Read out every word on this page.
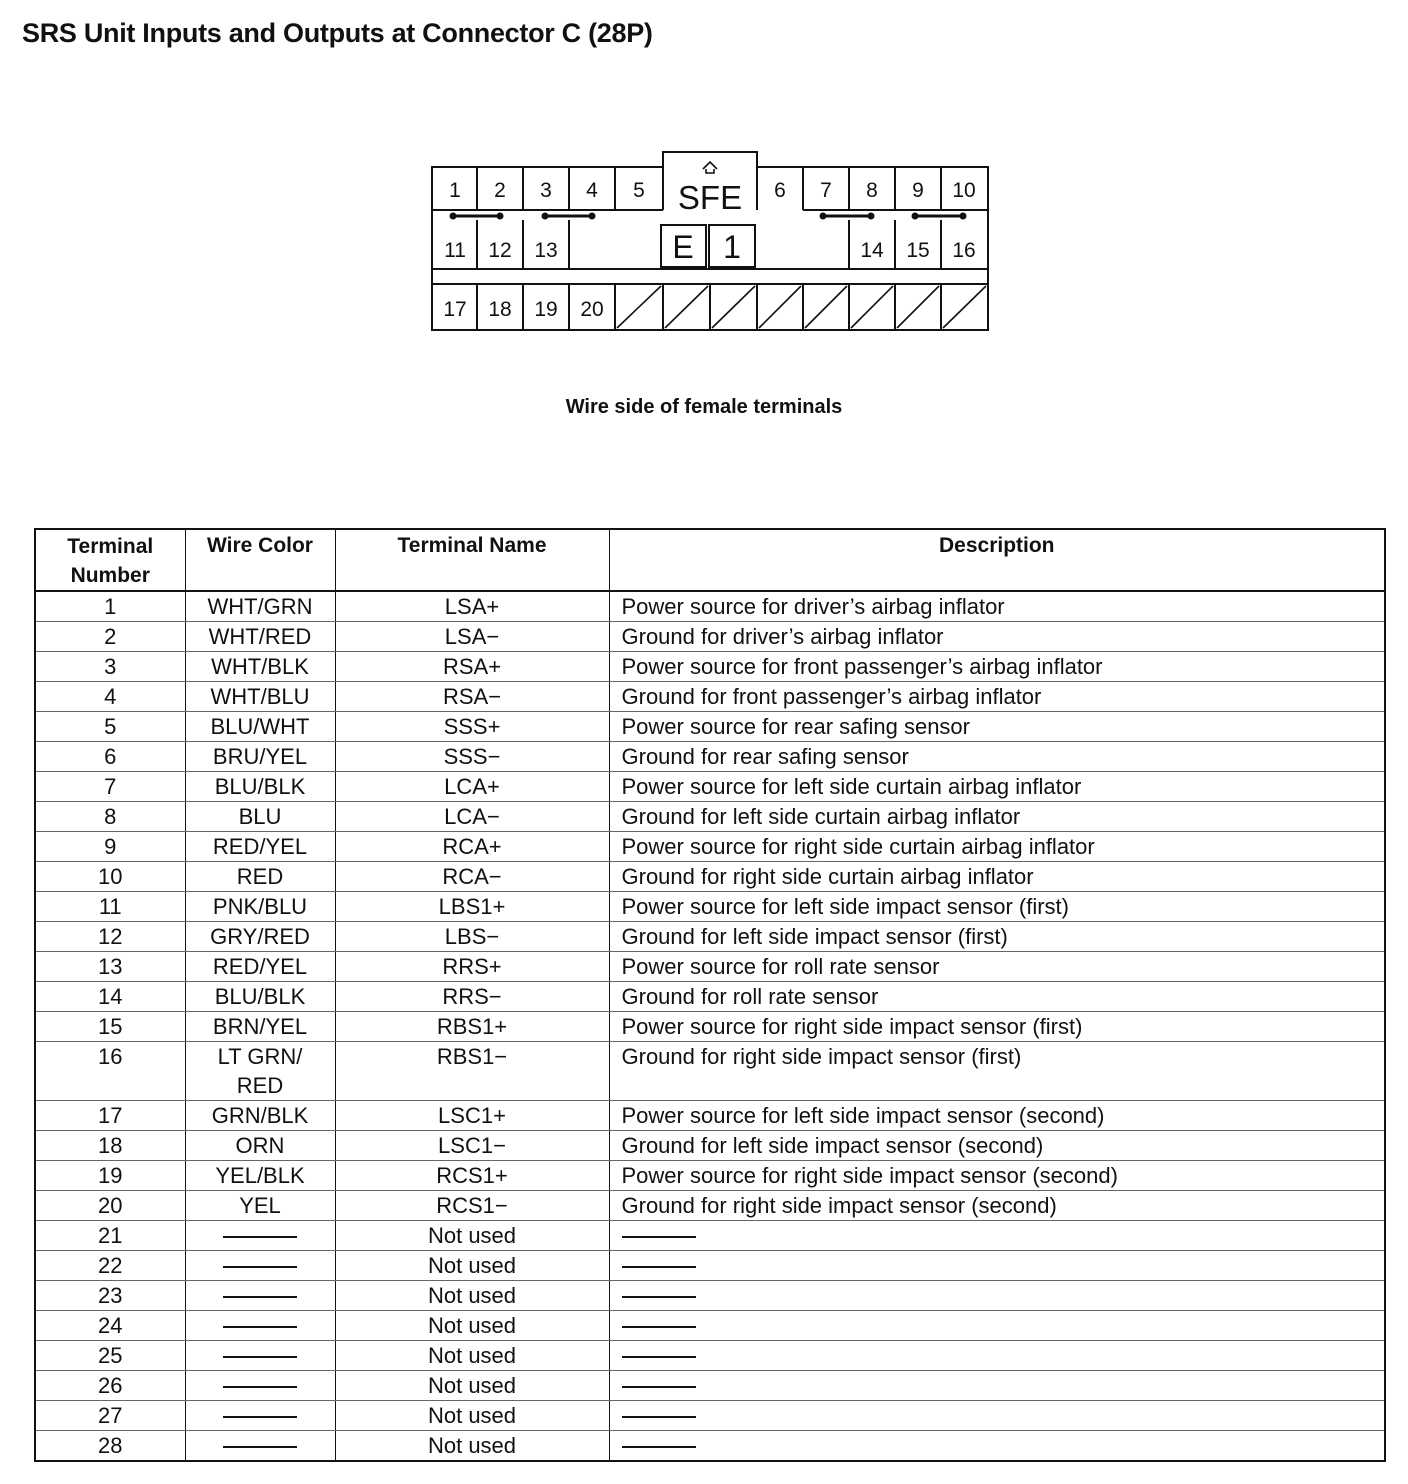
SRS Unit Inputs and Outputs at Connector C (28P)
1 2 3 4 5	6 7 8 9 10
SFE
11 12 13	14 15 16
E 1
17 18 19 20
Wire side of female terminals
Terminal
Number	Wire Color	Terminal Name	Description

1	WHT/GRN	LSA+	Power source for driver’s airbag inflator

2	WHT/RED	LSA−	Ground for driver’s airbag inflator

3	WHT/BLK	RSA+	Power source for front passenger’s airbag inflator

4	WHT/BLU	RSA−	Ground for front passenger’s airbag inflator

5	BLU/WHT	SSS+	Power source for rear safing sensor

6	BRU/YEL	SSS−	Ground for rear safing sensor

7	BLU/BLK	LCA+	Power source for left side curtain airbag inflator

8	BLU	LCA−	Ground for left side curtain airbag inflator

9	RED/YEL	RCA+	Power source for right side curtain airbag inflator

10	RED	RCA−	Ground for right side curtain airbag inflator

11	PNK/BLU	LBS1+	Power source for left side impact sensor (first)

12	GRY/RED	LBS−	Ground for left side impact sensor (first)

13	RED/YEL	RRS+	Power source for roll rate sensor

14	BLU/BLK	RRS−	Ground for roll rate sensor

15	BRN/YEL	RBS1+	Power source for right side impact sensor (first)

16	LT GRN/
RED	RBS1−	Ground for right side impact sensor (first)

17	GRN/BLK	LSC1+	Power source for left side impact sensor (second)

18	ORN	LSC1−	Ground for left side impact sensor (second)

19	YEL/BLK	RCS1+	Power source for right side impact sensor (second)

20	YEL	RCS1−	Ground for right side impact sensor (second)

21		Not used	

22		Not used	

23		Not used	

24		Not used	

25		Not used	

26		Not used	

27		Not used	

28		Not used	
